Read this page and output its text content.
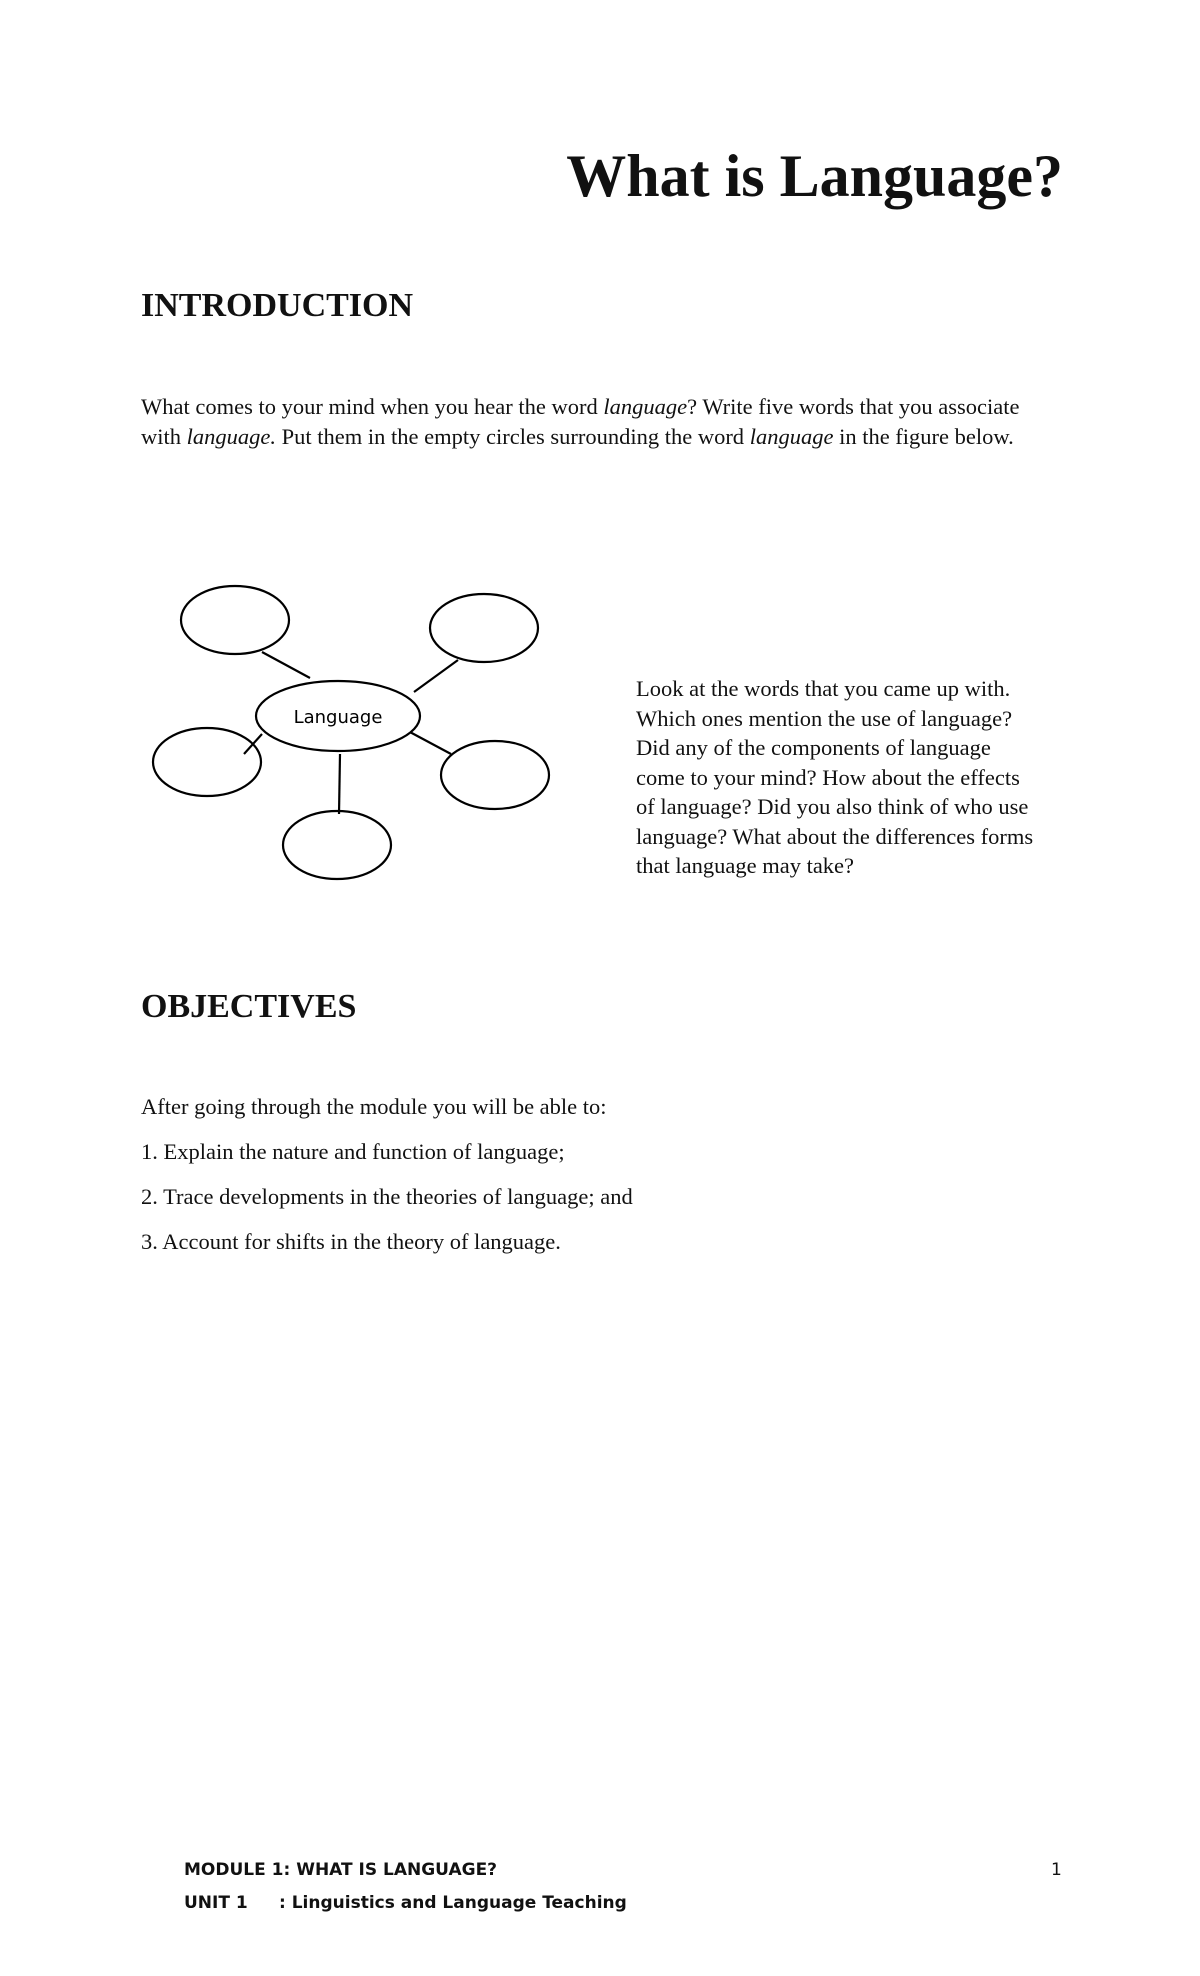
What is Language?
INTRODUCTION

What comes to your mind when you hear the word language? Write five words that you associate with language. Put them in the empty circles surrounding the word language in the figure below.

Language

Look at the words that you came up with.
Which ones mention the use of language?
Did any of the components of language
come to your mind? How about the effects
of language? Did you also think of who use
language? What about the differences forms
that language may take?

OBJECTIVES

After going through the module you will be able to:

1. Explain the nature and function of language;

2. Trace developments in the theories of language; and

3. Account for shifts in the theory of language.

MODULE 1: WHAT IS LANGUAGE?

UNIT 1 : Linguistics and Language Teaching

1
